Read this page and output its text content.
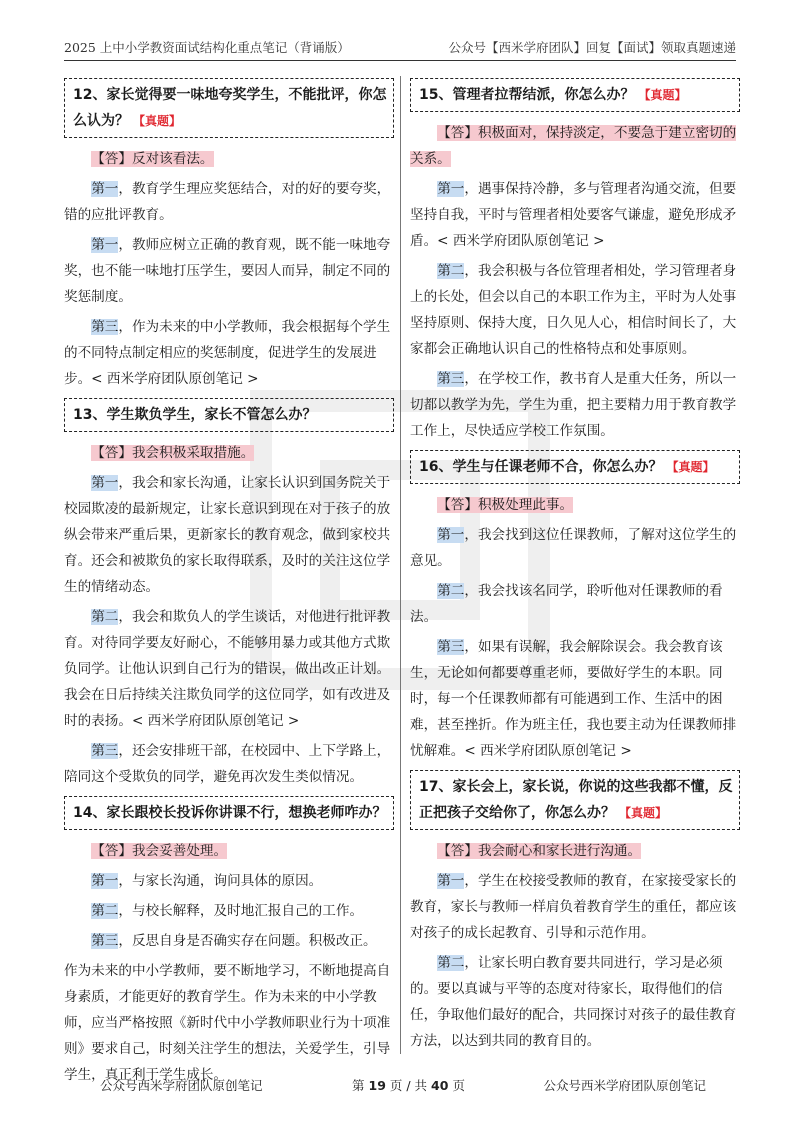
2025 上中小学教资面试结构化重点笔记（背诵版）	公众号【西米学府团队】回复【面试】领取真题速递
12、家长觉得要一味地夸奖学生，不能批评，你怎么认为？ 【真题】
【答】反对该看法。
第一，教育学生理应奖惩结合，对的好的要夸奖，错的应批评教育。
第一，教师应树立正确的教育观，既不能一味地夸奖，也不能一味地打压学生，要因人而异，制定不同的奖惩制度。
第三，作为未来的中小学教师，我会根据每个学生的不同特点制定相应的奖惩制度，促进学生的发展进步。< 西米学府团队原创笔记 >
13、学生欺负学生，家长不管怎么办？
【答】我会积极采取措施。
第一，我会和家长沟通，让家长认识到国务院关于校园欺凌的最新规定，让家长意识到现在对于孩子的放纵会带来严重后果，更新家长的教育观念，做到家校共育。还会和被欺负的家长取得联系，及时的关注这位学生的情绪动态。
第二，我会和欺负人的学生谈话，对他进行批评教育。对待同学要友好耐心，不能够用暴力或其他方式欺负同学。让他认识到自己行为的错误，做出改正计划。我会在日后持续关注欺负同学的这位同学，如有改进及时的表扬。< 西米学府团队原创笔记 >
第三，还会安排班干部，在校园中、上下学路上，陪同这个受欺负的同学，避免再次发生类似情况。
14、家长跟校长投诉你讲课不行，想换老师咋办？
【答】我会妥善处理。
第一，与家长沟通，询问具体的原因。
第二，与校长解释，及时地汇报自己的工作。
第三，反思自身是否确实存在问题。积极改正。
作为未来的中小学教师，要不断地学习，不断地提高自身素质，才能更好的教育学生。作为未来的中小学教师，应当严格按照《新时代中小学教师职业行为十项准则》要求自己，时刻关注学生的想法，关爱学生，引导学生，真正利于学生成长。
15、管理者拉帮结派，你怎么办？ 【真题】
【答】积极面对，保持淡定，不要急于建立密切的关系。
第一，遇事保持冷静，多与管理者沟通交流，但要坚持自我，平时与管理者相处要客气谦虚，避免形成矛盾。< 西米学府团队原创笔记 >
第二，我会积极与各位管理者相处，学习管理者身上的长处，但会以自己的本职工作为主，平时为人处事坚持原则、保持大度，日久见人心，相信时间长了，大家都会正确地认识自己的性格特点和处事原则。
第三，在学校工作，教书育人是重大任务，所以一切都以教学为先，学生为重，把主要精力用于教育教学工作上，尽快适应学校工作氛围。
16、学生与任课老师不合，你怎么办？ 【真题】
【答】积极处理此事。
第一，我会找到这位任课教师，了解对这位学生的意见。
第二，我会找该名同学，聆听他对任课教师的看法。
第三，如果有误解，我会解除误会。我会教育该生，无论如何都要尊重老师，要做好学生的本职。同时，每一个任课教师都有可能遇到工作、生活中的困难，甚至挫折。作为班主任，我也要主动为任课教师排忧解难。< 西米学府团队原创笔记 >
17、家长会上，家长说，你说的这些我都不懂，反正把孩子交给你了，你怎么办？ 【真题】
【答】我会耐心和家长进行沟通。
第一，学生在校接受教师的教育，在家接受家长的教育，家长与教师一样肩负着教育学生的重任，都应该对孩子的成长起教育、引导和示范作用。
第二，让家长明白教育要共同进行，学习是必须的。要以真诚与平等的态度对待家长，取得他们的信任，争取他们最好的配合，共同探讨对孩子的最佳教育方法，以达到共同的教育目的。
公众号西米学府团队原创笔记	第 19 页 / 共 40 页	公众号西米学府团队原创笔记
